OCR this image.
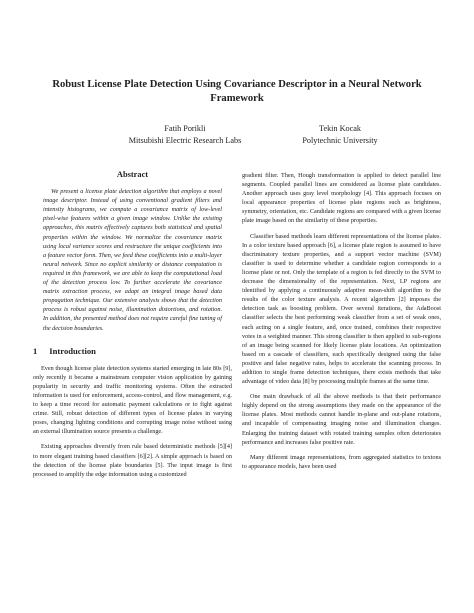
Robust License Plate Detection Using Covariance Descriptor in a Neural Network Framework
Fatih Porikli
Mitsubishi Electric Research Labs
Tekin Kocak
Polytechnic University
Abstract

We present a license plate detection algorithm that employs a novel image descriptor. Instead of using conventional gradient filters and intensity histograms, we compute a covariance matrix of low-level pixel-wise features within a given image window. Unlike the existing approaches, this matrix effectively captures both statistical and spatial properties within the window. We normalize the covariance matrix using local variance scores and restructure the unique coefficients into a feature vector form. Then, we feed these coefficients into a multi-layer neural network. Since no explicit similarity or distance computation is required in this framework, we are able to keep the computational load of the detection process low. To further accelerate the covariance matrix extraction process, we adapt an integral image based data propagation technique. Our extensive analysis shows that the detection process is robust against noise, illumination distortions, and rotation. In addition, the presented method does not require careful fine tuning of the decision boundaries.

1 Introduction

Even though license plate detection systems started emerging in late 80s [9], only recently it became a mainstream computer vision application by gaining popularity in security and traffic monitoring systems. Often the extracted information is used for enforcement, access-control, and flow management, e.g. to keep a time record for automatic payment calculations or to fight against crime. Still, robust detection of different types of license plates in varying poses, changing lighting conditions and corrupting image noise without using an external illumination source presents a challenge.

Existing approaches diversify from rule based deterministic methods [5][4] to more elegant training based classifiers [6][2]. A simple approach is based on the detection of the license plate boundaries [5]. The input image is first processed to amplify the edge information using a customized

gradient filter. Then, Hough transformation is applied to detect parallel line segments. Coupled parallel lines are considered as license plate candidates. Another approach uses gray level morphology [4]. This approach focuses on local appearance properties of license plate regions such as brightness, symmetry, orientation, etc. Candidate regions are compared with a given license plate image based on the similarity of these properties.

Classifier based methods learn different representations of the license plates. In a color texture based approach [6], a license plate region is assumed to have discriminatory texture properties, and a support vector machine (SVM) classifier is used to determine whether a candidate region corresponds to a license plate or not. Only the template of a region is fed directly to the SVM to decrease the dimensionality of the representation. Next, LP regions are identified by applying a continuously adaptive mean-shift algorithm to the results of the color texture analysis. A recent algorithm [2] imposes the detection task as boosting problem. Over several iterations, the AdaBoost classifier selects the best performing weak classifier from a set of weak ones, each acting on a single feature, and, once trained, combines their respective votes in a weighted manner. This strong classifier is then applied to sub-regions of an image being scanned for likely license plate locations. An optimization based on a cascade of classifiers, each specifically designed using the false positive and false negative rates, helps to accelerate the scanning process. In addition to single frame detection techniques, there exists methods that take advantage of video data [8] by processing multiple frames at the same time.

One main drawback of all the above methods is that their performance highly depend on the strong assumptions they made on the appearance of the license plates. Most methods cannot handle in-plane and out-plane rotations, and incapable of compensating imaging noise and illumination changes. Enlarging the training dataset with rotated training samples often deteriorates performance and increases false positive rate.

Many different image representations, from aggregated statistics to textons to appearance models, have been used
